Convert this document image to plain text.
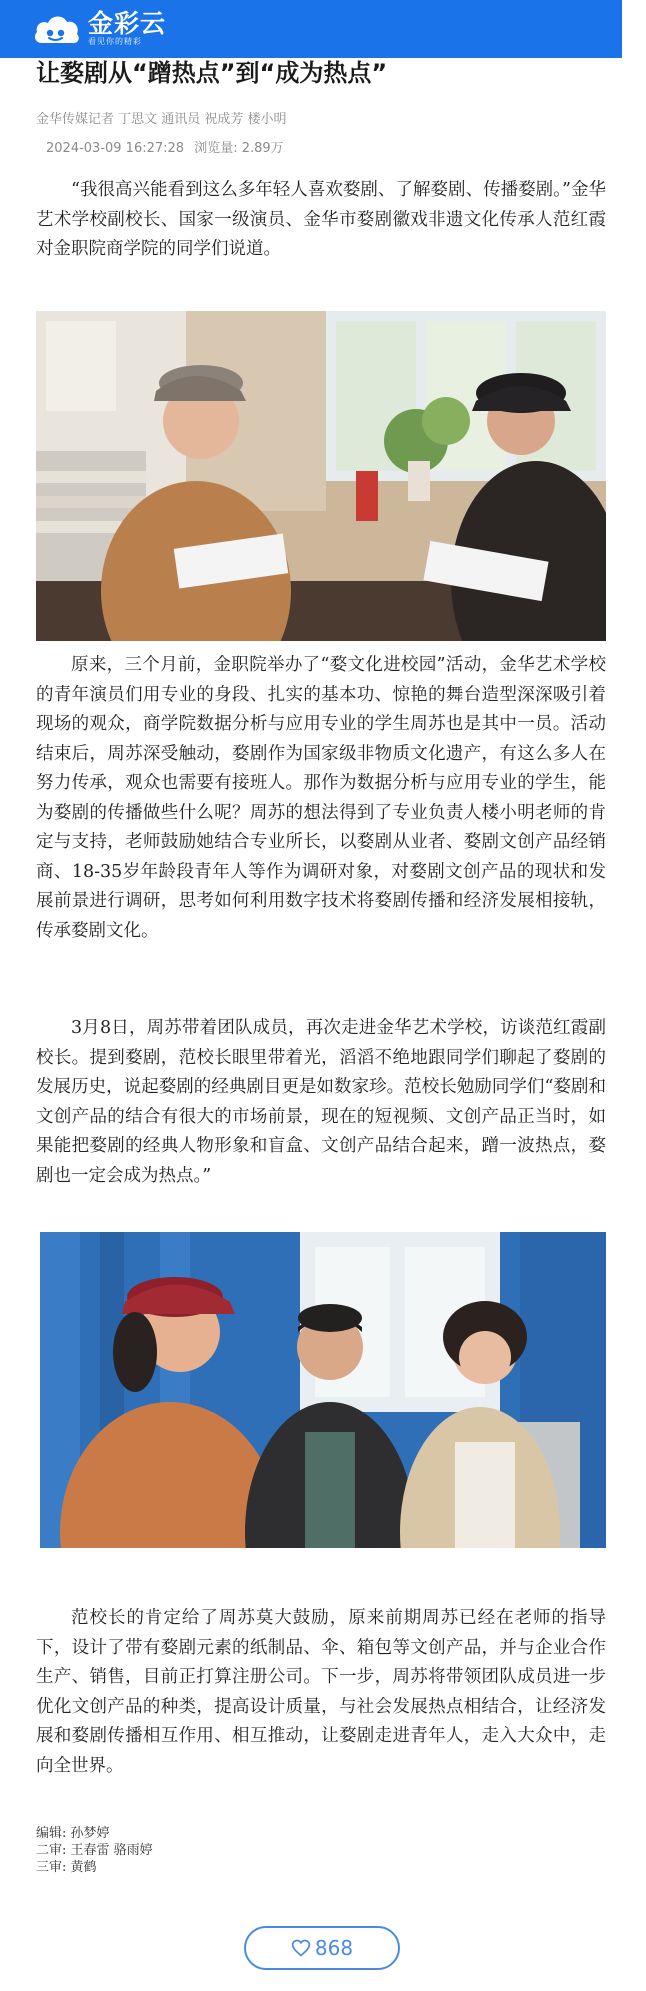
金彩云
看见你的精彩
让婺剧从“蹭热点”到“成为热点”
金华传媒记者 丁思文 通讯员 祝成芳 楼小明
2024-03-09 16:27:28 浏览量: 2.89万

“我很高兴能看到这么多年轻人喜欢婺剧、了解婺剧、传播婺剧。”金华艺术学校副校长、国家一级演员、金华市婺剧徽戏非遗文化传承人范红霞对金职院商学院的同学们说道。

原来，三个月前，金职院举办了“婺文化进校园”活动，金华艺术学校的青年演员们用专业的身段、扎实的基本功、惊艳的舞台造型深深吸引着现场的观众，商学院数据分析与应用专业的学生周苏也是其中一员。活动结束后，周苏深受触动，婺剧作为国家级非物质文化遗产，有这么多人在努力传承，观众也需要有接班人。那作为数据分析与应用专业的学生，能为婺剧的传播做些什么呢？周苏的想法得到了专业负责人楼小明老师的肯定与支持，老师鼓励她结合专业所长，以婺剧从业者、婺剧文创产品经销商、18-35岁年龄段青年人等作为调研对象，对婺剧文创产品的现状和发展前景进行调研，思考如何利用数字技术将婺剧传播和经济发展相接轨，传承婺剧文化。

3月8日，周苏带着团队成员，再次走进金华艺术学校，访谈范红霞副校长。提到婺剧，范校长眼里带着光，滔滔不绝地跟同学们聊起了婺剧的发展历史，说起婺剧的经典剧目更是如数家珍。范校长勉励同学们“婺剧和文创产品的结合有很大的市场前景，现在的短视频、文创产品正当时，如果能把婺剧的经典人物形象和盲盒、文创产品结合起来，蹭一波热点，婺剧也一定会成为热点。”

范校长的肯定给了周苏莫大鼓励，原来前期周苏已经在老师的指导下，设计了带有婺剧元素的纸制品、伞、箱包等文创产品，并与企业合作生产、销售，目前正打算注册公司。下一步，周苏将带领团队成员进一步优化文创产品的种类，提高设计质量，与社会发展热点相结合，让经济发展和婺剧传播相互作用、相互推动，让婺剧走进青年人，走入大众中，走向全世界。

编辑: 孙梦婷
二审: 王春雷 骆雨婷
三审: 黄鹤
868
